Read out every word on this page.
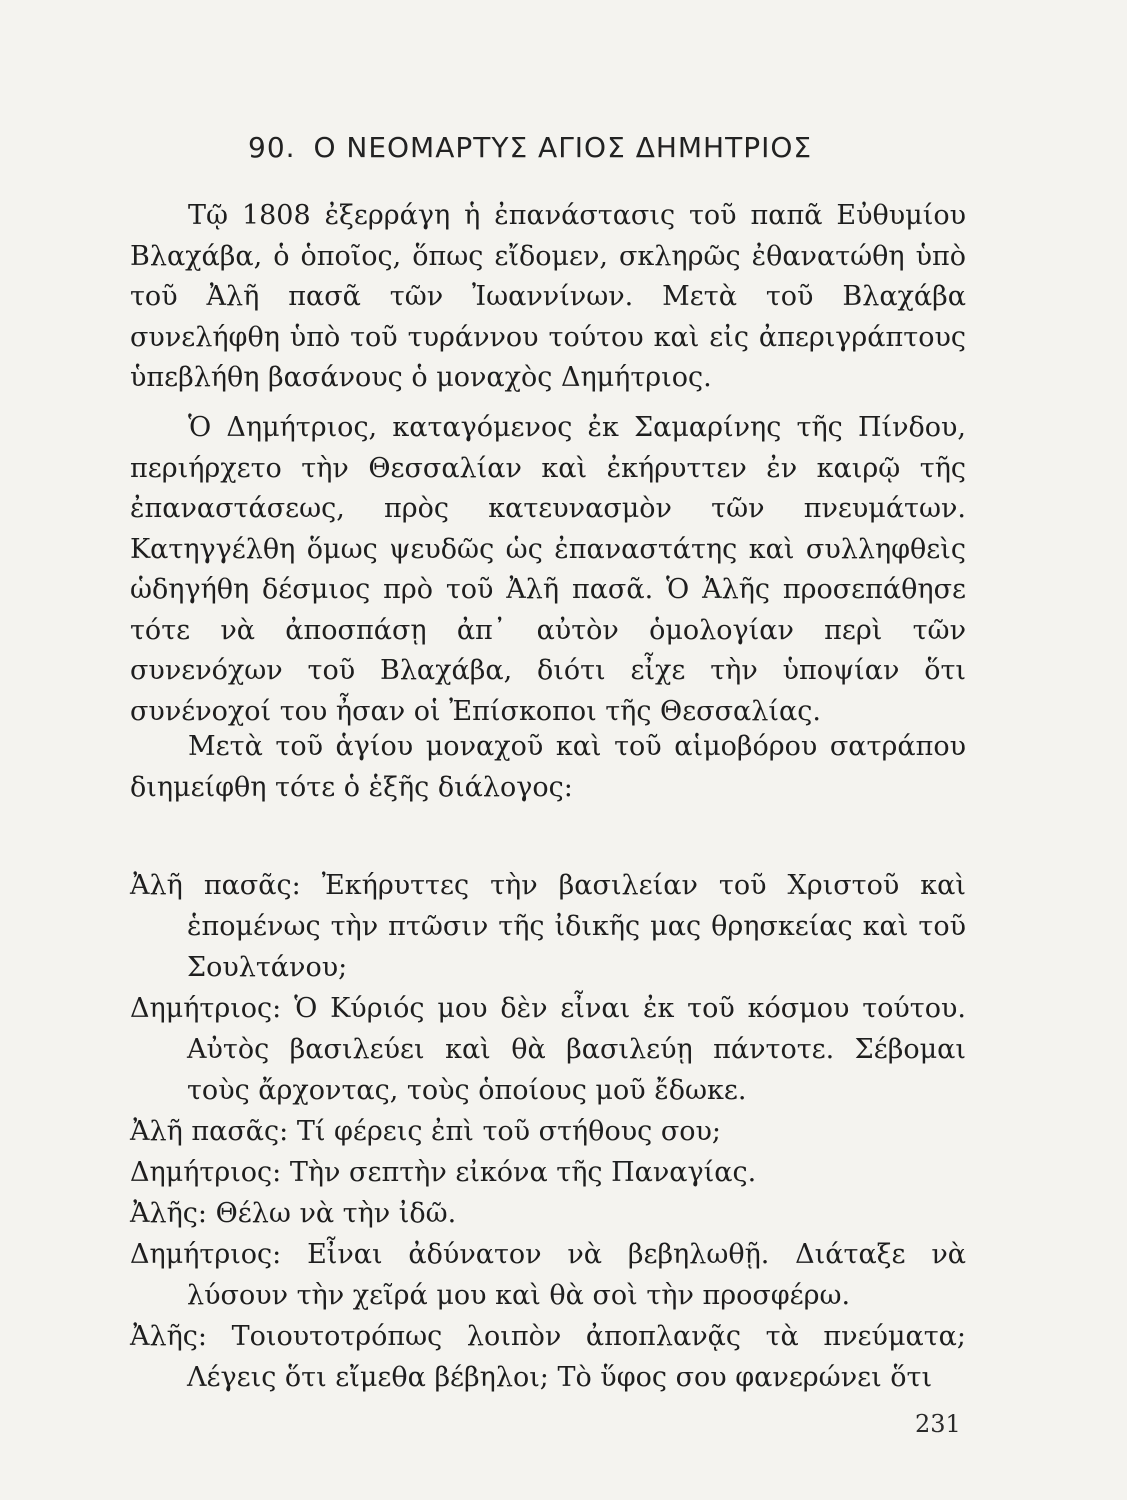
90. Ο ΝΕΟΜΑΡΤΥΣ ΑΓΙΟΣ ΔΗΜΗΤΡΙΟΣ

Τῷ 1808 ἐξερράγη ἡ ἐπανάστασις τοῦ παπᾶ Εὐθυμίου Βλαχάβα, ὁ ὁποῖος, ὅπως εἴδομεν, σκληρῶς ἐθανατώθη ὑπὸ τοῦ Ἀλῆ πασᾶ τῶν Ἰωαννίνων. Μετὰ τοῦ Βλαχάβα συνελήφθη ὑπὸ τοῦ τυράννου τούτου καὶ εἰς ἀπεριγράπτους ὑπεβλήθη βασάνους ὁ μοναχὸς Δημήτριος.

Ὁ Δημήτριος, καταγόμενος ἐκ Σαμαρίνης τῆς Πίνδου, περιήρχετο τὴν Θεσσαλίαν καὶ ἐκήρυττεν ἐν καιρῷ τῆς ἐπαναστάσεως, πρὸς κατευνασμὸν τῶν πνευμάτων. Κατηγγέλθη ὅμως ψευδῶς ὡς ἐπαναστάτης καὶ συλληφθεὶς ὡδηγήθη δέσμιος πρὸ τοῦ Ἀλῆ πασᾶ. Ὁ Ἀλῆς προσεπάθησε τότε νὰ ἀποσπάσῃ ἀπ᾽ αὐτὸν ὁμολογίαν περὶ τῶν συνενόχων τοῦ Βλαχάβα, διότι εἶχε τὴν ὑποψίαν ὅτι συνένοχοί του ἦσαν οἱ Ἐπίσκοποι τῆς Θεσσαλίας.

Μετὰ τοῦ ἁγίου μοναχοῦ καὶ τοῦ αἱμοβόρου σατράπου διημείφθη τότε ὁ ἑξῆς διάλογος:

Ἀλῆ πασᾶς: Ἐκήρυττες τὴν βασιλείαν τοῦ Χριστοῦ καὶ ἑπομένως τὴν πτῶσιν τῆς ἰδικῆς μας θρησκείας καὶ τοῦ Σουλτάνου;
Δημήτριος: Ὁ Κύριός μου δὲν εἶναι ἐκ τοῦ κόσμου τούτου. Αὐτὸς βασιλεύει καὶ θὰ βασιλεύῃ πάντοτε. Σέβομαι τοὺς ἄρχοντας, τοὺς ὁποίους μοῦ ἔδωκε.
Ἀλῆ πασᾶς: Τί φέρεις ἐπὶ τοῦ στήθους σου;
Δημήτριος: Τὴν σεπτὴν εἰκόνα τῆς Παναγίας.
Ἀλῆς: Θέλω νὰ τὴν ἰδῶ.
Δημήτριος: Εἶναι ἀδύνατον νὰ βεβηλωθῇ. Διάταξε νὰ λύσουν τὴν χεῖρά μου καὶ θὰ σοὶ τὴν προσφέρω.
Ἀλῆς: Τοιουτοτρόπως λοιπὸν ἀποπλανᾷς τὰ πνεύματα; Λέγεις ὅτι εἴμεθα βέβηλοι; Τὸ ὕφος σου φανερώνει ὅτι
231
